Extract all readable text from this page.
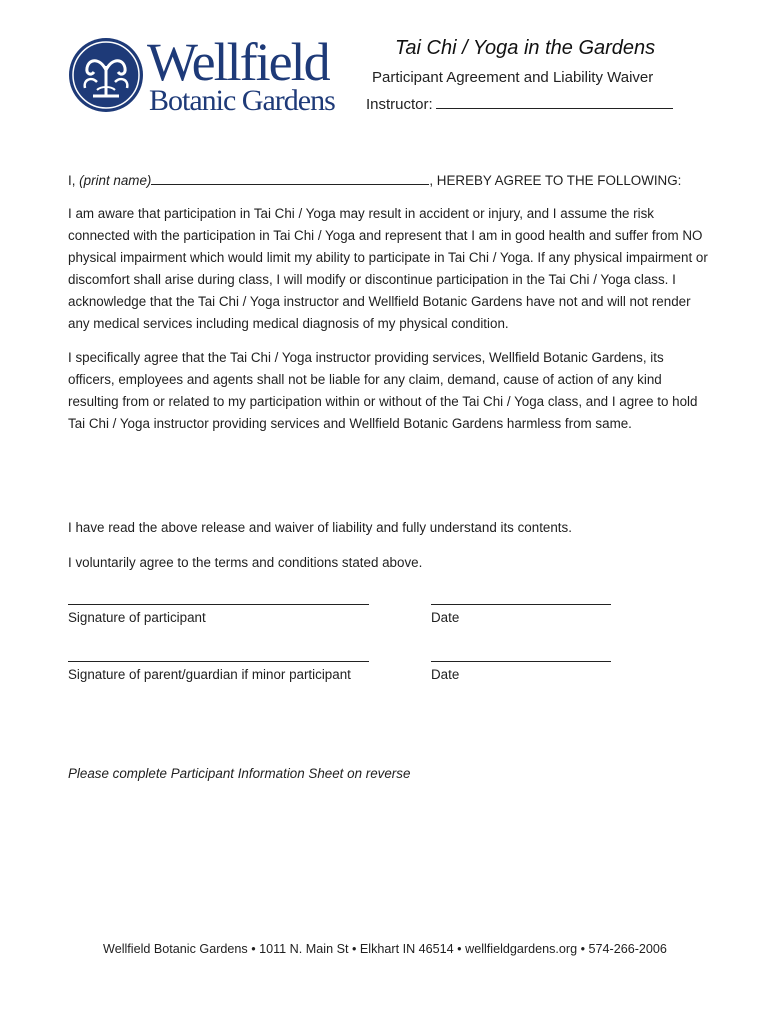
Wellfield
Botanic Gardens
Tai Chi / Yoga in the Gardens
Participant Agreement and Liability Waiver
Instructor:
I, (print name)	, HEREBY AGREE TO THE FOLLOWING:
I am aware that participation in Tai Chi / Yoga may result in accident or injury, and I assume the risk connected with the participation in Tai Chi / Yoga and represent that I am in good health and suffer from NO physical impairment which would limit my ability to participate in Tai Chi / Yoga. If any physical impairment or discomfort shall arise during class, I will modify or discontinue participation in the Tai Chi / Yoga class. I acknowledge that the Tai Chi / Yoga instructor and Wellfield Botanic Gardens have not and will not render any medical services including medical diagnosis of my physical condition.
I specifically agree that the Tai Chi / Yoga instructor providing services, Wellfield Botanic Gardens, its officers, employees and agents shall not be liable for any claim, demand, cause of action of any kind resulting from or related to my participation within or without of the Tai Chi / Yoga class, and I agree to hold Tai Chi / Yoga instructor providing services and Wellfield Botanic Gardens harmless from same.
I have read the above release and waiver of liability and fully understand its contents.
I voluntarily agree to the terms and conditions stated above.
Signature of participant	Date
Signature of parent/guardian if minor participant	Date
Please complete Participant Information Sheet on reverse
Wellfield Botanic Gardens • 1011 N. Main St • Elkhart IN 46514 • wellfieldgardens.org • 574-266-2006
